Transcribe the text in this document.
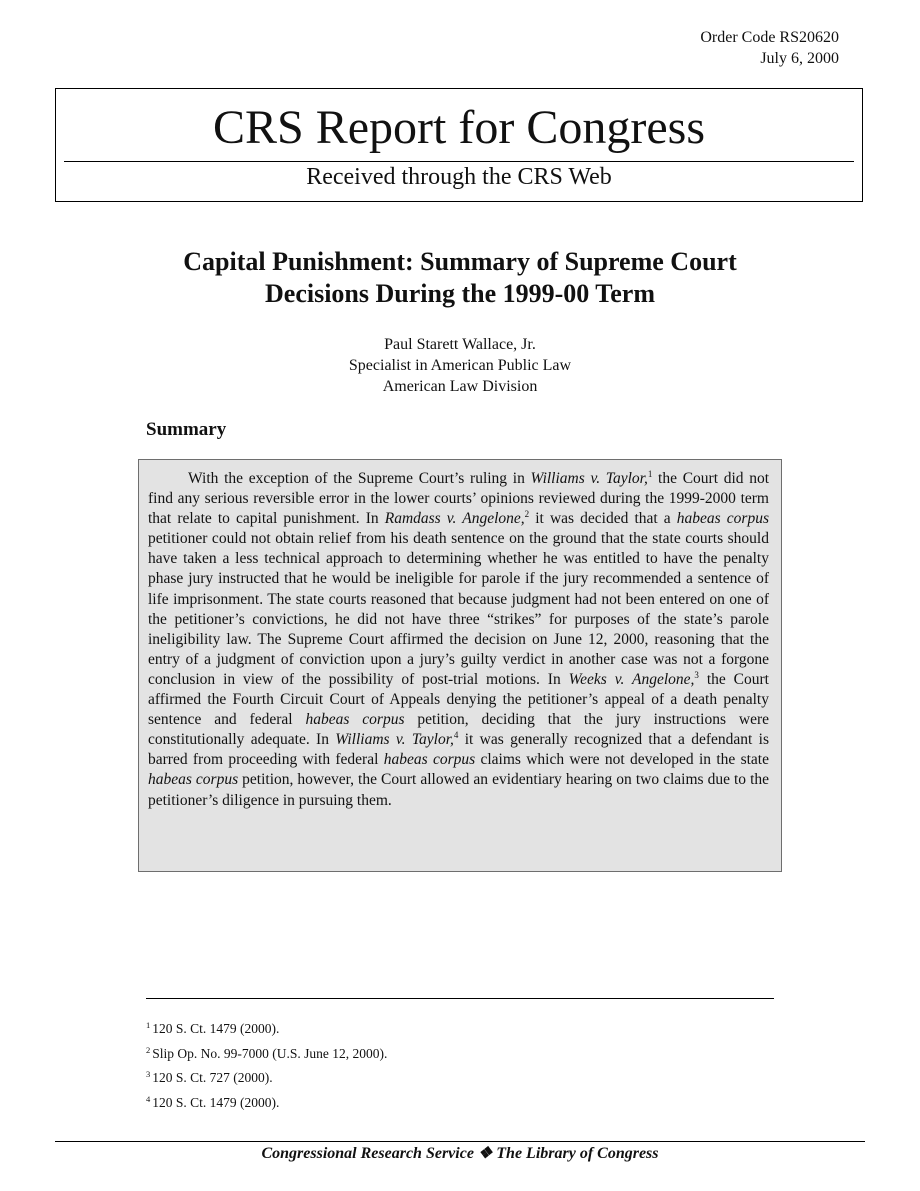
Order Code RS20620
July 6, 2000
CRS Report for Congress
Received through the CRS Web
Capital Punishment: Summary of Supreme Court
Decisions During the 1999-00 Term
Paul Starett Wallace, Jr.
Specialist in American Public Law
American Law Division
Summary

With the exception of the Supreme Court’s ruling in Williams v. Taylor,$^1$ the Court did not find any serious reversible error in the lower courts’ opinions reviewed during the 1999-2000 term that relate to capital punishment. In Ramdass v. Angelone,$^2$ it was decided that a habeas corpus petitioner could not obtain relief from his death sentence on the ground that the state courts should have taken a less technical approach to determining whether he was entitled to have the penalty phase jury instructed that he would be ineligible for parole if the jury recommended a sentence of life imprisonment. The state courts reasoned that because judgment had not been entered on one of the petitioner’s convictions, he did not have three “strikes” for purposes of the state’s parole ineligibility law. The Supreme Court affirmed the decision on June 12, 2000, reasoning that the entry of a judgment of conviction upon a jury’s guilty verdict in another case was not a forgone conclusion in view of the possibility of post-trial motions. In Weeks v. Angelone,$^3$ the Court affirmed the Fourth Circuit Court of Appeals denying the petitioner’s appeal of a death penalty sentence and federal habeas corpus petition, deciding that the jury instructions were constitutionally adequate. In Williams v. Taylor,$^4$ it was generally recognized that a defendant is barred from proceeding with federal habeas corpus claims which were not developed in the state habeas corpus petition, however, the Court allowed an evidentiary hearing on two claims due to the petitioner’s diligence in pursuing them.

$^1$ 120 S. Ct. 1479 (2000).
$^2$ Slip Op. No. 99-7000 (U.S. June 12, 2000).
$^3$ 120 S. Ct. 727 (2000).
$^4$ 120 S. Ct. 1479 (2000).
Congressional Research Service ❖ The Library of Congress
